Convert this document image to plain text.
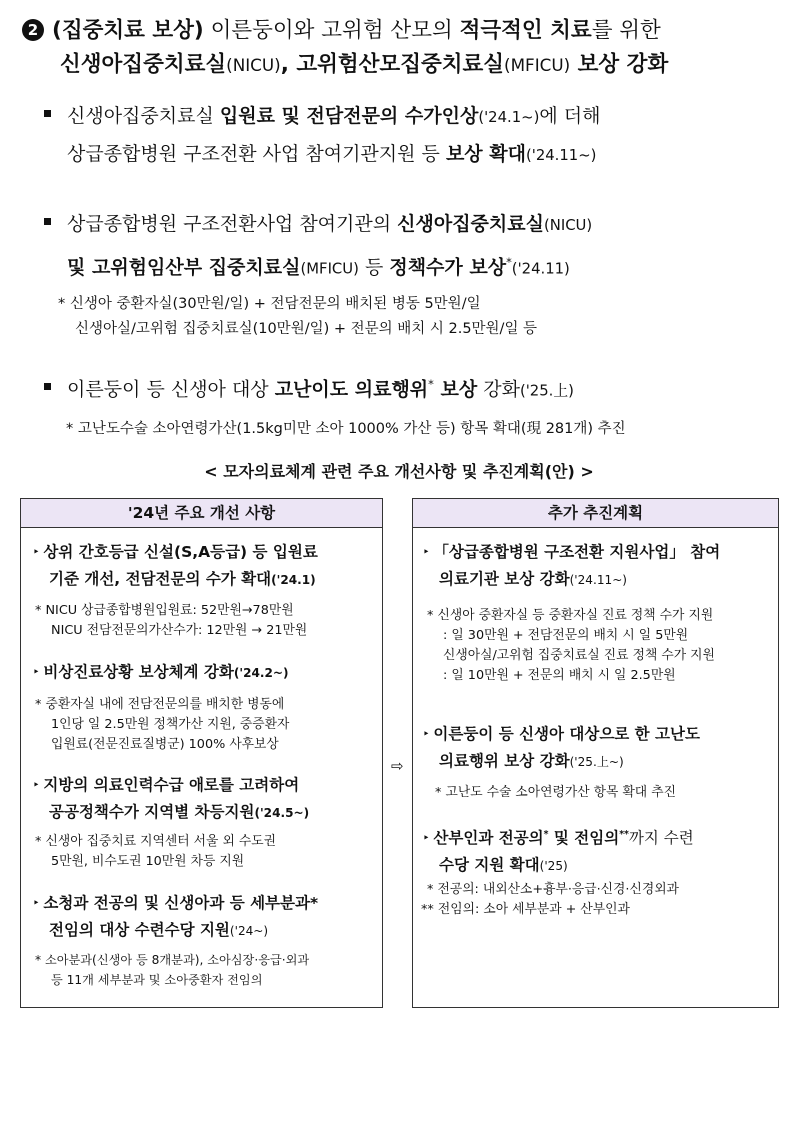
2 (집중치료 보상) 이른둥이와 고위험 산모의 적극적인 치료를 위한
신생아집중치료실(NICU), 고위험산모집중치료실(MFICU) 보상 강화
신생아집중치료실 입원료 및 전담전문의 수가인상('24.1~)에 더해
상급종합병원 구조전환 사업 참여기관지원 등 보상 확대('24.11~)
상급종합병원 구조전환사업 참여기관의 신생아집중치료실(NICU)
및 고위험임산부 집중치료실(MFICU) 등 정책수가 보상*('24.11)
* 신생아 중환자실(30만원/일) + 전담전문의 배치된 병동 5만원/일
신생아실/고위험 집중치료실(10만원/일) + 전문의 배치 시 2.5만원/일 등
이른둥이 등 신생아 대상 고난이도 의료행위* 보상 강화('25.上)
* 고난도수술 소아연령가산(1.5kg미만 소아 1000% 가산 등) 항목 확대(現 281개) 추진
< 모자의료체계 관련 주요 개선사항 및 추진계획(안) >
'24년 주요 개선 사항
‣ 상위 간호등급 신설(S,A등급) 등 입원료
기준 개선, 전담전문의 수가 확대('24.1)
* NICU 상급종합병원입원료: 52만원→78만원
NICU 전담전문의가산수가: 12만원 → 21만원
‣ 비상진료상황 보상체계 강화('24.2~)
* 중환자실 내에 전담전문의를 배치한 병동에
1인당 일 2.5만원 정책가산 지원, 중증환자
입원료(전문진료질병군) 100% 사후보상
‣ 지방의 의료인력수급 애로를 고려하여
공공정책수가 지역별 차등지원('24.5~)
* 신생아 집중치료 지역센터 서울 외 수도권
5만원, 비수도권 10만원 차등 지원
‣ 소청과 전공의 및 신생아과 등 세부분과*
전임의 대상 수련수당 지원('24~)
* 소아분과(신생아 등 8개분과), 소아심장·응급·외과
등 11개 세부분과 및 소아중환자 전임의
⇨
추가 추진계획
‣ 「상급종합병원 구조전환 지원사업」 참여
의료기관 보상 강화('24.11~)
* 신생아 중환자실 등 중환자실 진료 정책 수가 지원
: 일 30만원 + 전담전문의 배치 시 일 5만원
신생아실/고위험 집중치료실 진료 정책 수가 지원
: 일 10만원 + 전문의 배치 시 일 2.5만원
‣ 이른둥이 등 신생아 대상으로 한 고난도
의료행위 보상 강화('25.上~)
* 고난도 수술 소아연령가산 항목 확대 추진
‣ 산부인과 전공의* 및 전임의**까지 수련
수당 지원 확대('25)
* 전공의: 내외산소+흉부·응급·신경·신경외과
** 전임의: 소아 세부분과 + 산부인과
